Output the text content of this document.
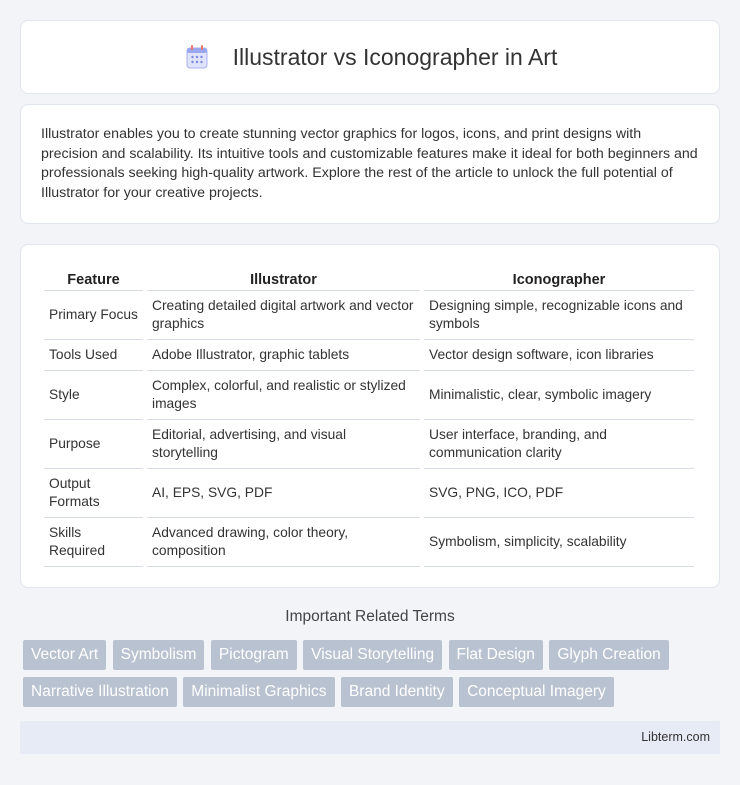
Illustrator vs Iconographer in Art

Illustrator enables you to create stunning vector graphics for logos, icons, and print designs with precision and scalability. Its intuitive tools and customizable features make it ideal for both beginners and professionals seeking high-quality artwork. Explore the rest of the article to unlock the full potential of Illustrator for your creative projects.

Feature	Illustrator	Iconographer
Primary Focus	Creating detailed digital artwork and vector graphics	Designing simple, recognizable icons and symbols
Tools Used	Adobe Illustrator, graphic tablets	Vector design software, icon libraries
Style	Complex, colorful, and realistic or stylized images	Minimalistic, clear, symbolic imagery
Purpose	Editorial, advertising, and visual storytelling	User interface, branding, and communication clarity
Output Formats	AI, EPS, SVG, PDF	SVG, PNG, ICO, PDF
Skills Required	Advanced drawing, color theory, composition	Symbolism, simplicity, scalability
Important Related Terms
Vector Art Symbolism Pictogram Visual Storytelling Flat Design Glyph Creation Narrative Illustration Minimalist Graphics Brand Identity Conceptual Imagery
Libterm.com
